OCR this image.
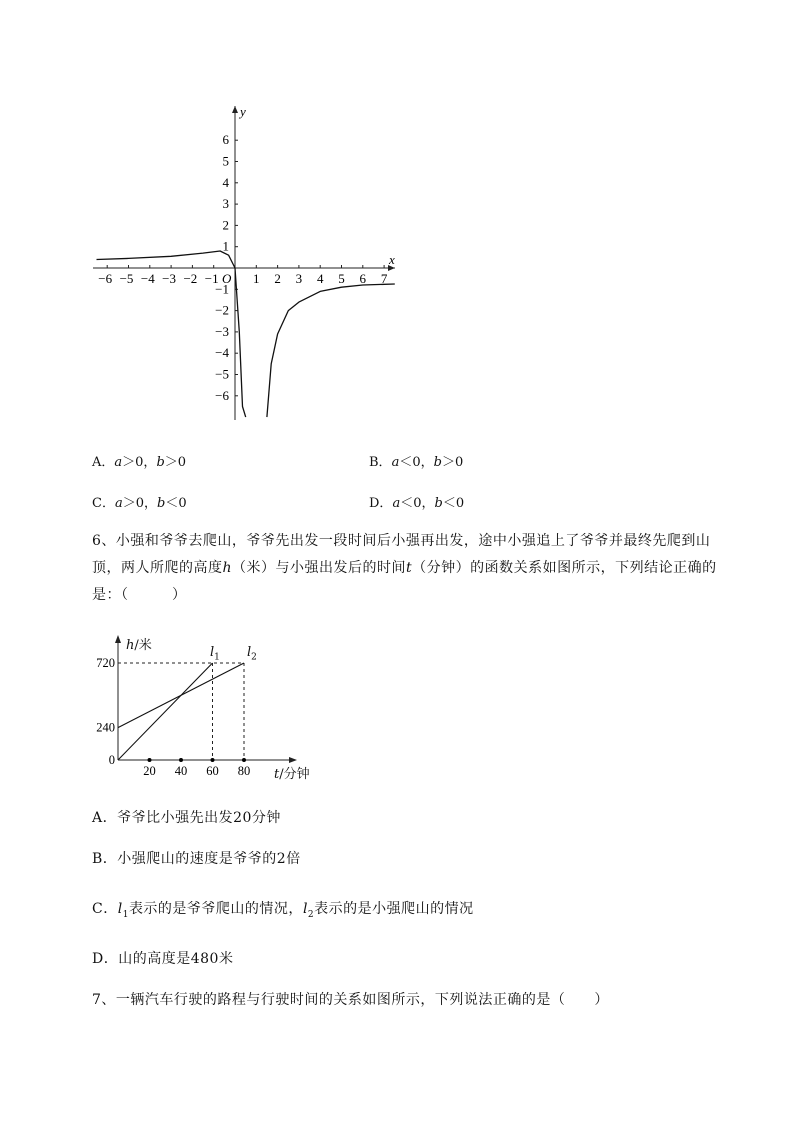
−6 −5 −4 −3 −2 −1	1 2 3 4 5 6 7
6
5
4
3
2
1
−1
−2
−3
−4
−5
−6
x
y
O
A．a＞0，b＞0	B．a＜0，b＞0
C．a＞0，b＜0	D．a＜0，b＜0
6、小强和爷爷去爬山，爷爷先出发一段时间后小强再出发，途中小强追上了爷爷并最终先爬到山
顶，两人所爬的高度h（米）与小强出发后的时间t（分钟）的函数关系如图所示，下列结论正确的
是：（　　　）
20 40 60 80
720
240
0
h/米
t/分钟
$l_1$ $l_2$
A．爷爷比小强先出发20分钟
B．小强爬山的速度是爷爷的2倍
C．$l_1$表示的是爷爷爬山的情况，$l_2$表示的是小强爬山的情况
D．山的高度是480米
7、一辆汽车行驶的路程与行驶时间的关系如图所示，下列说法正确的是（　　）
